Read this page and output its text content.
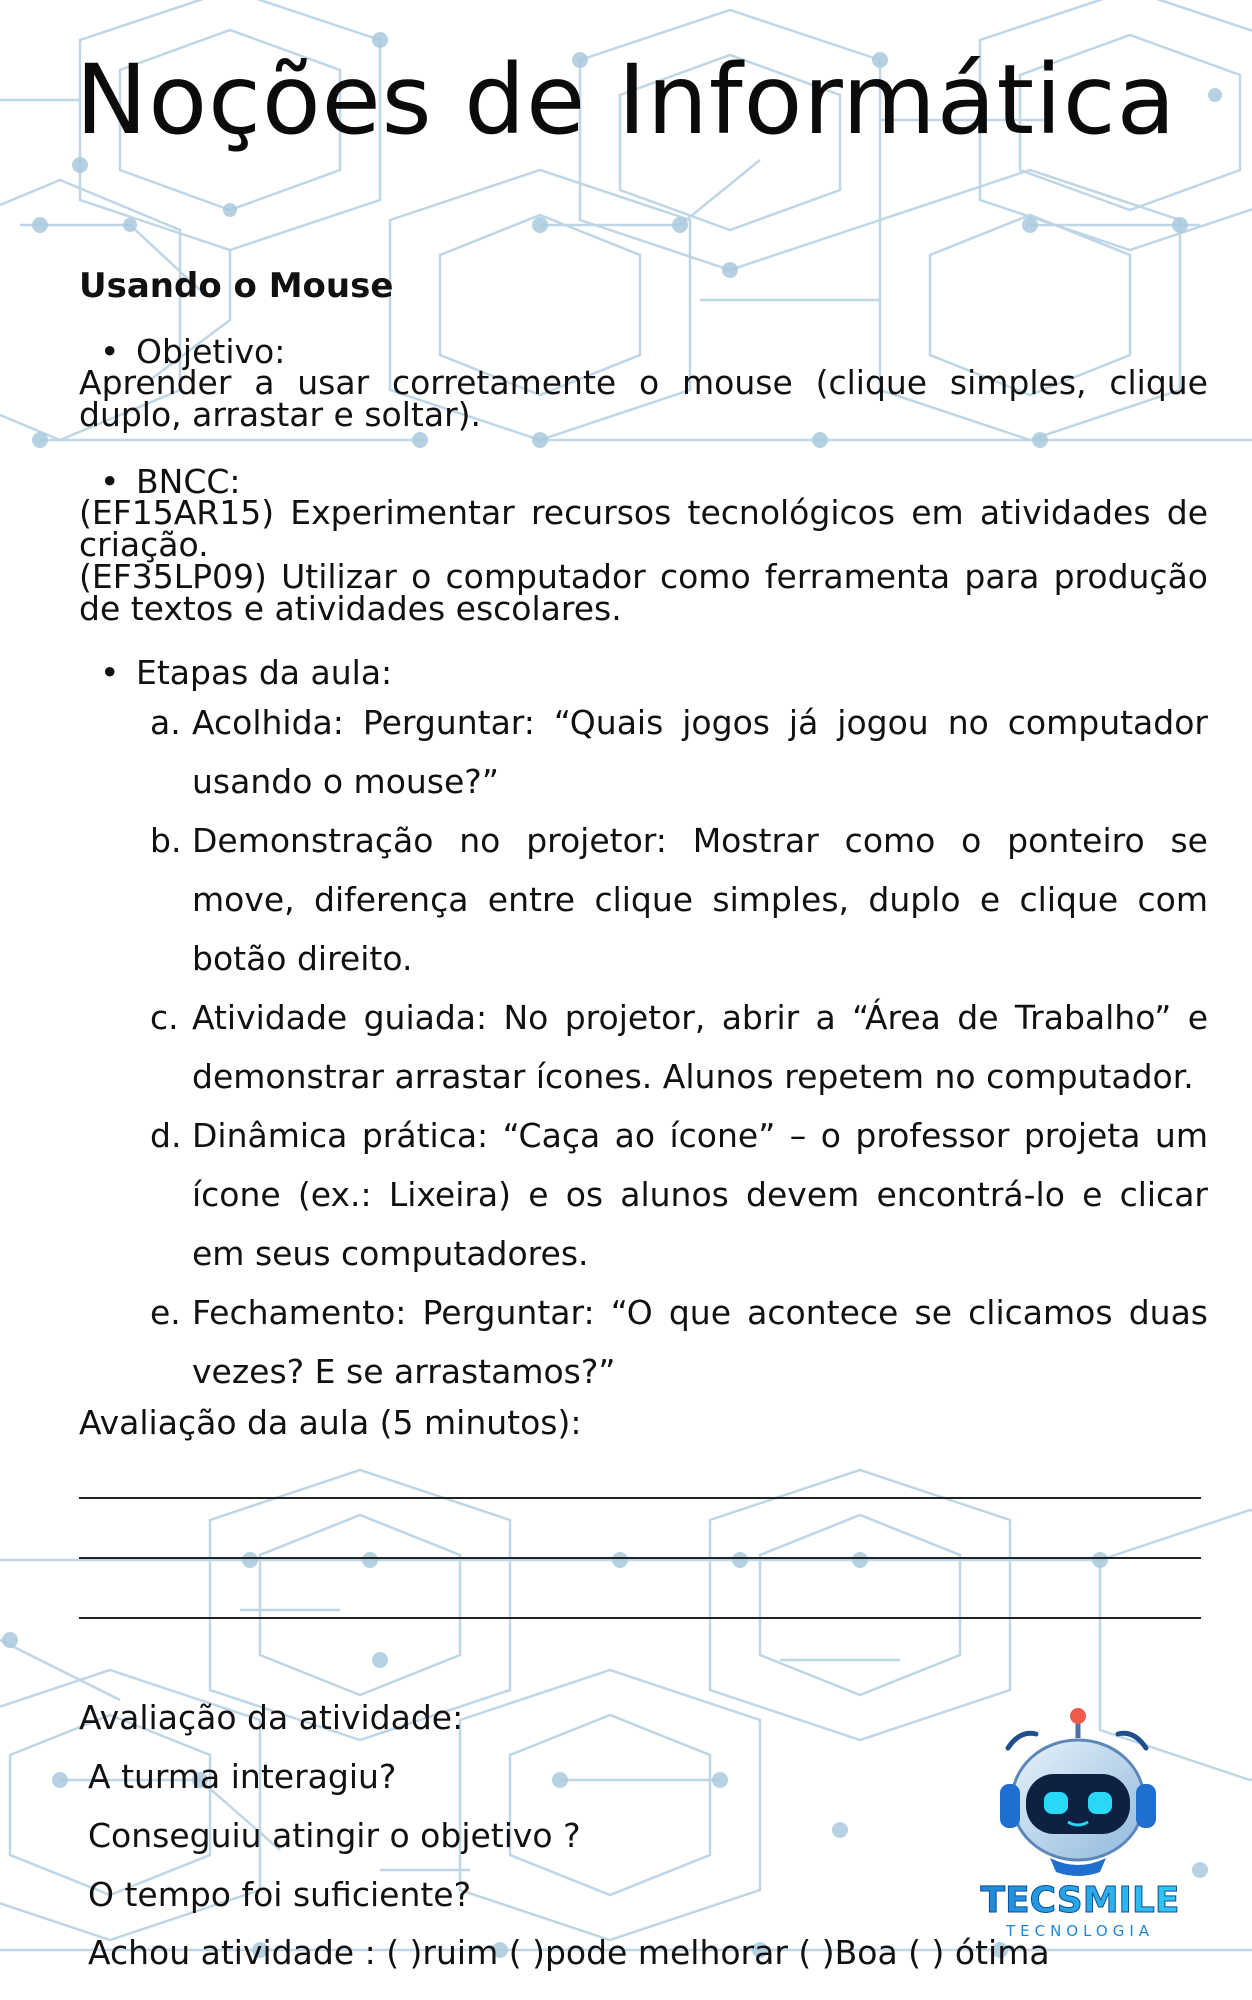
Noções de Informática
Usando o Mouse
• Objetivo:
Aprender a usar corretamente o mouse (clique simples, clique duplo, arrastar e soltar).
• BNCC:
(EF15AR15) Experimentar recursos tecnológicos em atividades de criação.
(EF35LP09) Utilizar o computador como ferramenta para produção de textos e atividades escolares.
• Etapas da aula:
a. Acolhida: Perguntar: “Quais jogos já jogou no computador usando o mouse?”
b. Demonstração no projetor: Mostrar como o ponteiro se move, diferença entre clique simples, duplo e clique com botão direito.
c. Atividade guiada: No projetor, abrir a “Área de Trabalho” e demonstrar arrastar ícones. Alunos repetem no computador.
d. Dinâmica prática: “Caça ao ícone” – o professor projeta um ícone (ex.: Lixeira) e os alunos devem encontrá-lo e clicar em seus computadores.
e. Fechamento: Perguntar: “O que acontece se clicamos duas vezes? E se arrastamos?”
Avaliação da aula (5 minutos):
Avaliação da atividade:
A turma interagiu?
Conseguiu atingir o objetivo ?
O tempo foi suficiente?
Achou atividade : ( )ruim ( )pode melhorar ( )Boa ( ) ótima
TECSMILE
TECNOLOGIA
